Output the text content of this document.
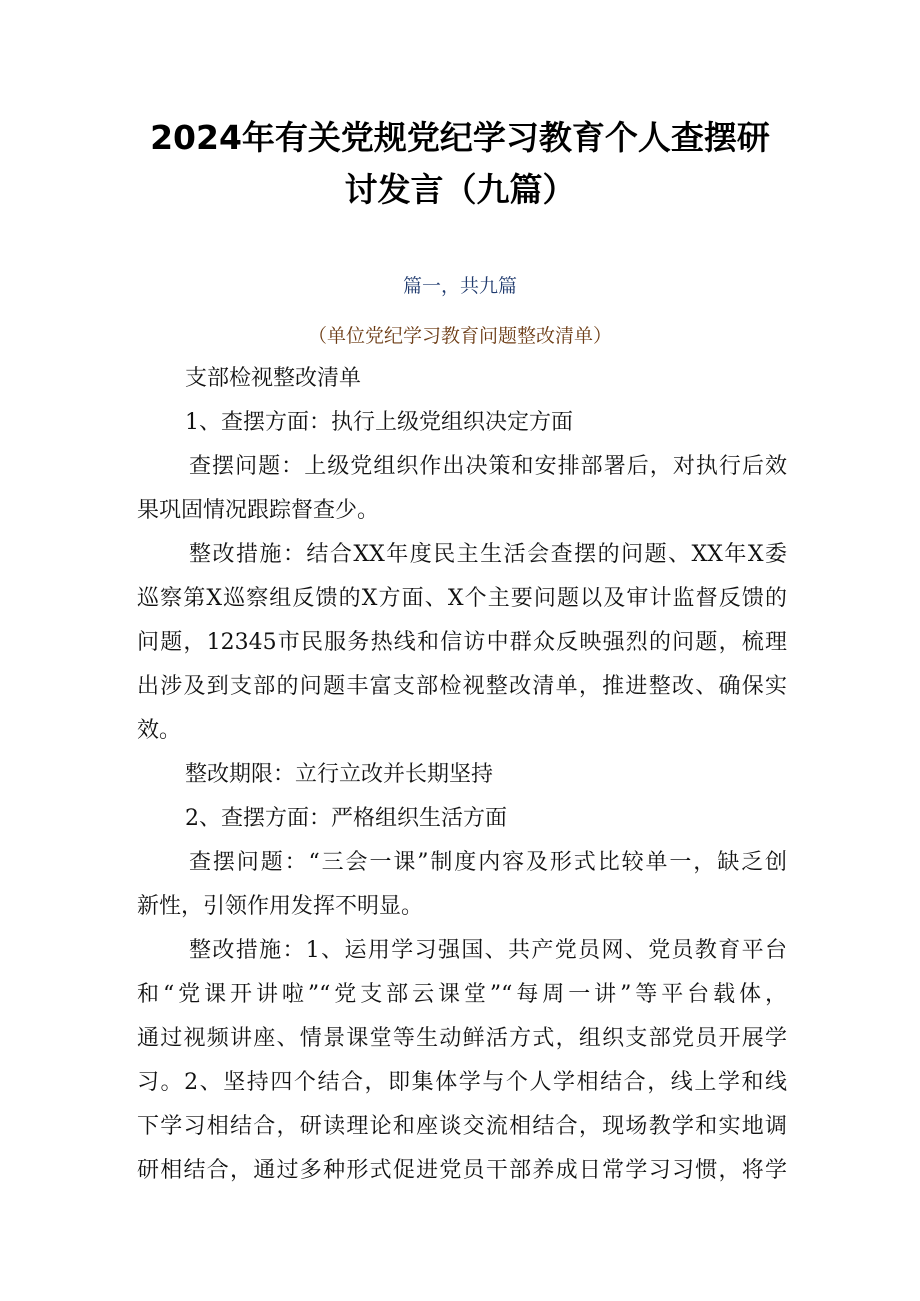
2024年有关党规党纪学习教育个人查摆研
讨发言（九篇）
篇一，共九篇
（单位党纪学习教育问题整改清单）
支部检视整改清单
1、查摆方面：执行上级党组织决定方面
查摆问题：上级党组织作出决策和安排部署后，对执行后效
果巩固情况跟踪督查少。
整改措施：结合XX年度民主生活会查摆的问题、XX年X委
巡察第X巡察组反馈的X方面、X个主要问题以及审计监督反馈的
问题，12345市民服务热线和信访中群众反映强烈的问题，梳理
出涉及到支部的问题丰富支部检视整改清单，推进整改、确保实
效。
整改期限：立行立改并长期坚持
2、查摆方面：严格组织生活方面
查摆问题：“三会一课”制度内容及形式比较单一，缺乏创
新性，引领作用发挥不明显。
整改措施：1、运用学习强国、共产党员网、党员教育平台
和“党课开讲啦”“党支部云课堂”“每周一讲”等平台载体，
通过视频讲座、情景课堂等生动鲜活方式，组织支部党员开展学
习。2、坚持四个结合，即集体学与个人学相结合，线上学和线
下学习相结合，研读理论和座谈交流相结合，现场教学和实地调
研相结合，通过多种形式促进党员干部养成日常学习习惯，将学
